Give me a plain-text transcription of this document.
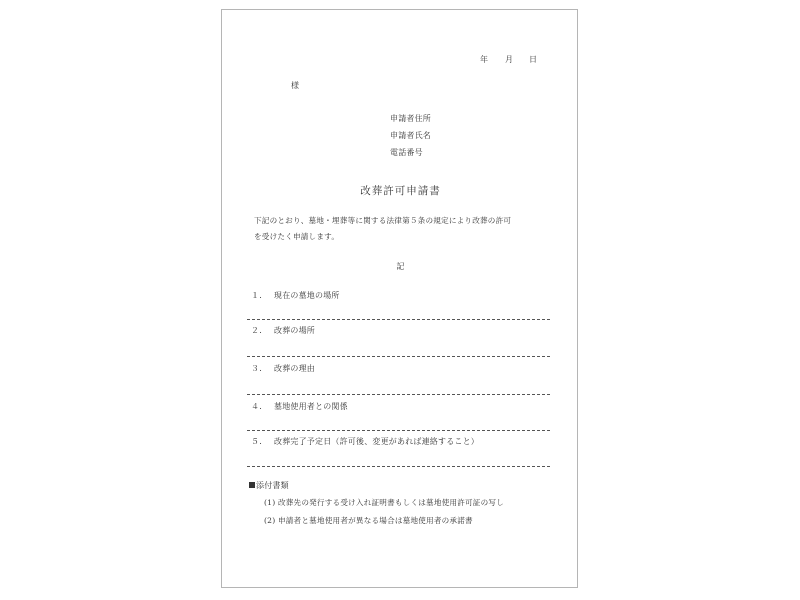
年 月 日
様
申請者住所
申請者氏名
電話番号
改葬許可申請書
下記のとおり、墓地・埋葬等に関する法律第５条の規定により改葬の許可
を受けたく申請します。
記
１. 現在の墓地の場所
２. 改葬の場所
３. 改葬の理由
４. 墓地使用者との関係
５. 改葬完了予定日（許可後、変更があれば連絡すること）
添付書類
(1) 改葬先の発行する受け入れ証明書もしくは墓地使用許可証の写し
(2) 申請者と墓地使用者が異なる場合は墓地使用者の承諾書
